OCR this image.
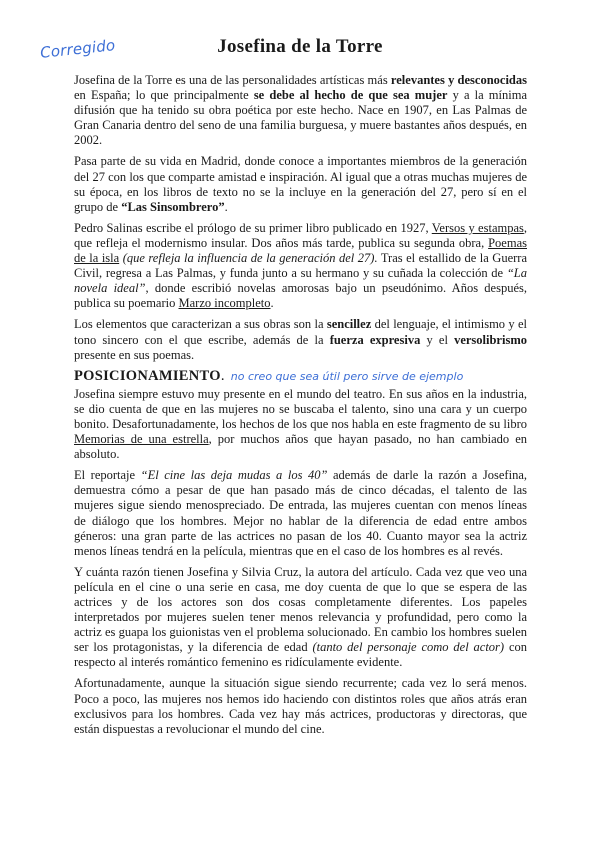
Corregido	Josefina de la Torre

Josefina de la Torre es una de las personalidades artísticas más relevantes y desconocidas en España; lo que principalmente se debe al hecho de que sea mujer y a la mínima difusión que ha tenido su obra poética por este hecho. Nace en 1907, en Las Palmas de Gran Canaria dentro del seno de una familia burguesa, y muere bastantes años después, en 2002.

Pasa parte de su vida en Madrid, donde conoce a importantes miembros de la generación del 27 con los que comparte amistad e inspiración. Al igual que a otras muchas mujeres de su época, en los libros de texto no se la incluye en la generación del 27, pero sí en el grupo de “Las Sinsombrero”.

Pedro Salinas escribe el prólogo de su primer libro publicado en 1927, Versos y estampas, que refleja el modernismo insular. Dos años más tarde, publica su segunda obra, Poemas de la isla (que refleja la influencia de la generación del 27). Tras el estallido de la Guerra Civil, regresa a Las Palmas, y funda junto a su hermano y su cuñada la colección de “La novela ideal”, donde escribió novelas amorosas bajo un pseudónimo. Años después, publica su poemario Marzo incompleto.

Los elementos que caracterizan a sus obras son la sencillez del lenguaje, el intimismo y el tono sincero con el que escribe, además de la fuerza expresiva y el versolibrismo presente en sus poemas.

POSICIONAMIENTO. no creo que sea útil pero sirve de ejemplo

Josefina siempre estuvo muy presente en el mundo del teatro. En sus años en la industria, se dio cuenta de que en las mujeres no se buscaba el talento, sino una cara y un cuerpo bonito. Desafortunadamente, los hechos de los que nos habla en este fragmento de su libro Memorias de una estrella, por muchos años que hayan pasado, no han cambiado en absoluto.

El reportaje “El cine las deja mudas a los 40” además de darle la razón a Josefina, demuestra cómo a pesar de que han pasado más de cinco décadas, el talento de las mujeres sigue siendo menospreciado. De entrada, las mujeres cuentan con menos líneas de diálogo que los hombres. Mejor no hablar de la diferencia de edad entre ambos géneros: una gran parte de las actrices no pasan de los 40. Cuanto mayor sea la actriz menos líneas tendrá en la película, mientras que en el caso de los hombres es al revés.

Y cuánta razón tienen Josefina y Silvia Cruz, la autora del artículo. Cada vez que veo una película en el cine o una serie en casa, me doy cuenta de que lo que se espera de las actrices y de los actores son dos cosas completamente diferentes. Los papeles interpretados por mujeres suelen tener menos relevancia y profundidad, pero como la actriz es guapa los guionistas ven el problema solucionado. En cambio los hombres suelen ser los protagonistas, y la diferencia de edad (tanto del personaje como del actor) con respecto al interés romántico femenino es ridículamente evidente.

Afortunadamente, aunque la situación sigue siendo recurrente; cada vez lo será menos. Poco a poco, las mujeres nos hemos ido haciendo con distintos roles que años atrás eran exclusivos para los hombres. Cada vez hay más actrices, productoras y directoras, que están dispuestas a revolucionar el mundo del cine.
